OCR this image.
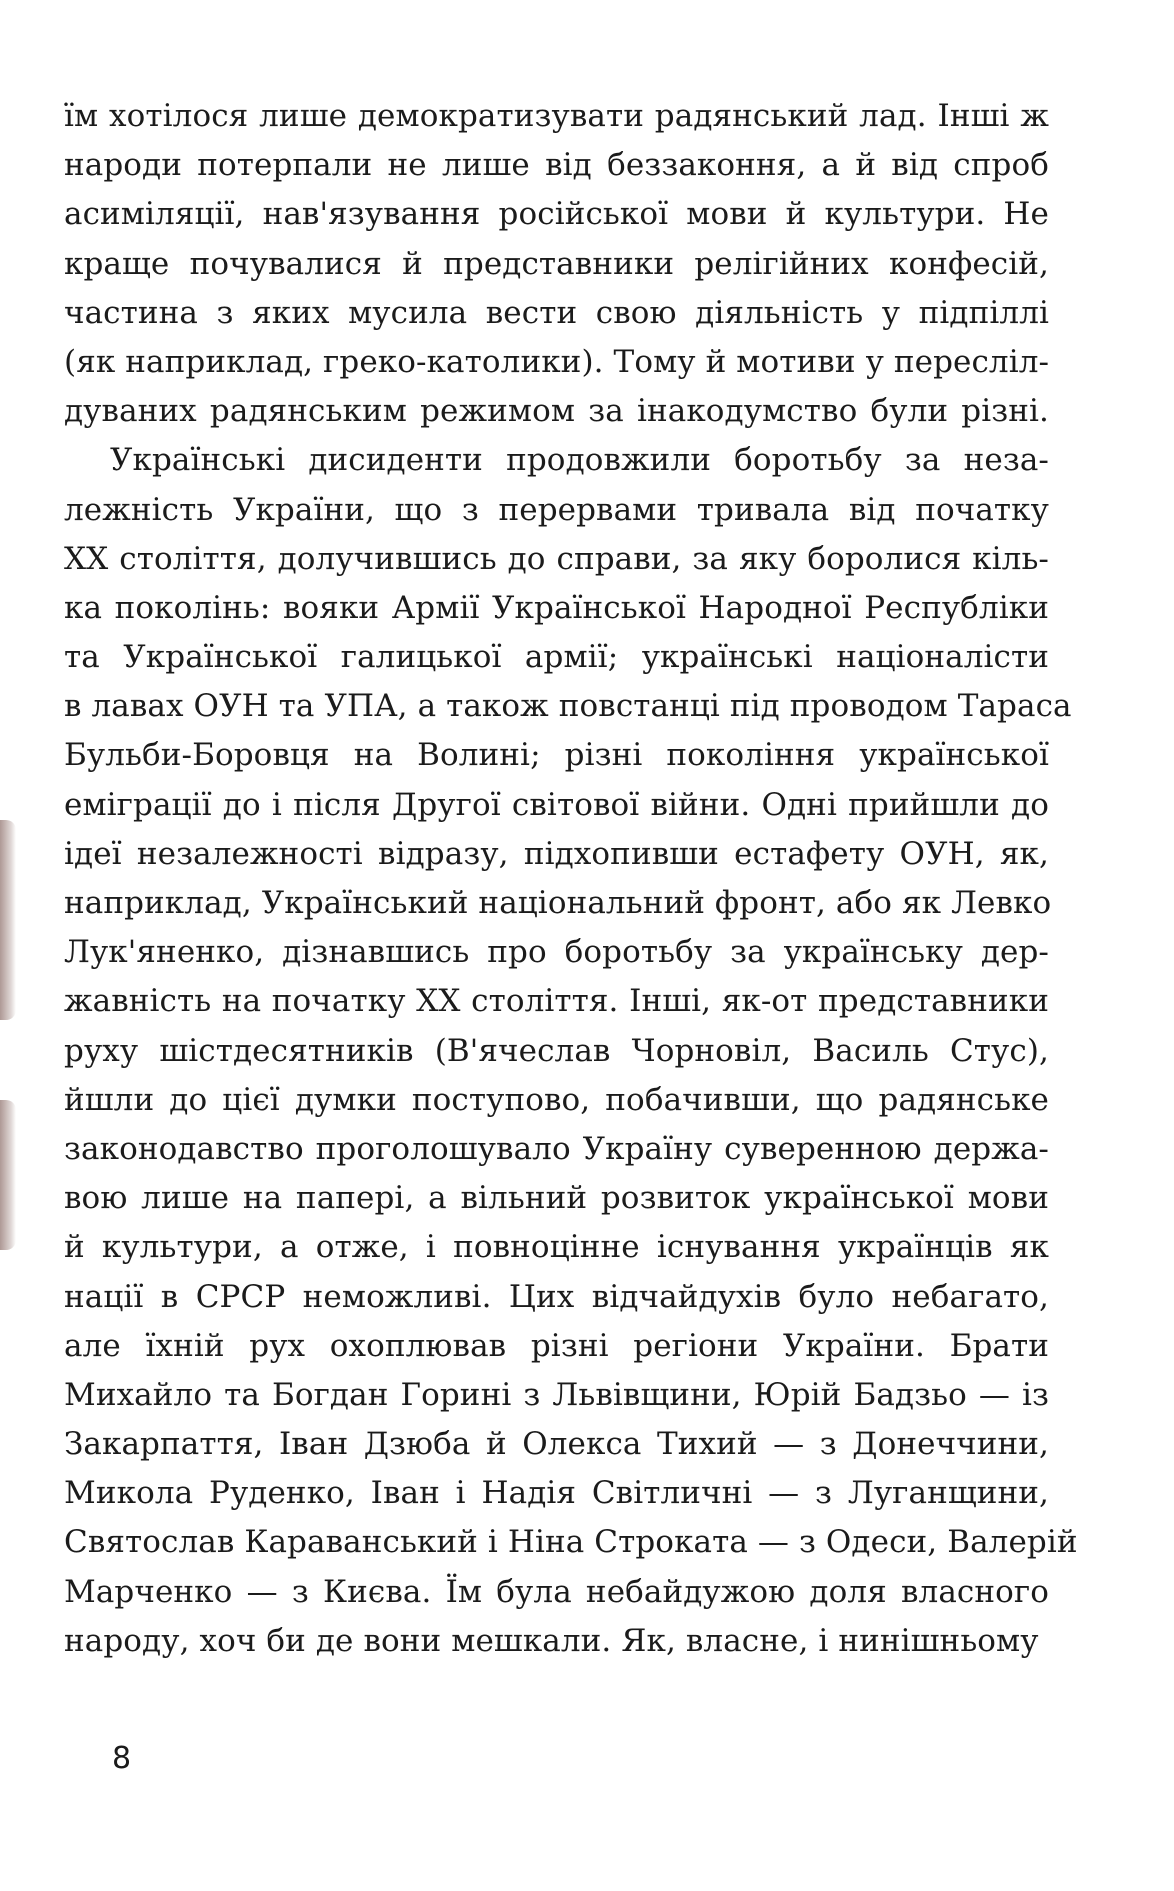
їм хотілося лише демократизувати радянський лад. Інші ж
народи потерпали не лише від беззаконня, а й від спроб
асиміляції, нав'язування російської мови й культури. Не
краще почувалися й представники релігійних конфесій,
частина з яких мусила вести свою діяльність у підпіллі
(як наприклад, греко-католики). Тому й мотиви у пересліл-
дуваних радянським режимом за інакодумство були різні.
Українські дисиденти продовжили боротьбу за неза-
лежність України, що з перервами тривала від початку
XX століття, долучившись до справи, за яку боролися кіль-
ка поколінь: вояки Армії Української Народної Республіки
та Української галицької армії; українські націоналісти
в лавах ОУН та УПА, а також повстанці під проводом Тараса
Бульби-Боровця на Волині; різні покоління української
еміграції до і після Другої світової війни. Одні прийшли до
ідеї незалежності відразу, підхопивши естафету ОУН, як,
наприклад, Український національний фронт, або як Левко
Лук'яненко, дізнавшись про боротьбу за українську дер-
жавність на початку XX століття. Інші, як-от представники
руху шістдесятників (В'ячеслав Чорновіл, Василь Стус),
йшли до цієї думки поступово, побачивши, що радянське
законодавство проголошувало Україну суверенною держа-
вою лише на папері, а вільний розвиток української мови
й культури, а отже, і повноцінне існування українців як
нації в СРСР неможливі. Цих відчайдухів було небагато,
але їхній рух охоплював різні регіони України. Брати
Михайло та Богдан Горині з Львівщини, Юрій Бадзьо — із
Закарпаття, Іван Дзюба й Олекса Тихий — з Донеччини,
Микола Руденко, Іван і Надія Світличні — з Луганщини,
Святослав Караванський і Ніна Строката — з Одеси, Валерій
Марченко — з Києва. Їм була небайдужою доля власного
народу, хоч би де вони мешкали. Як, власне, і нинішньому
8
